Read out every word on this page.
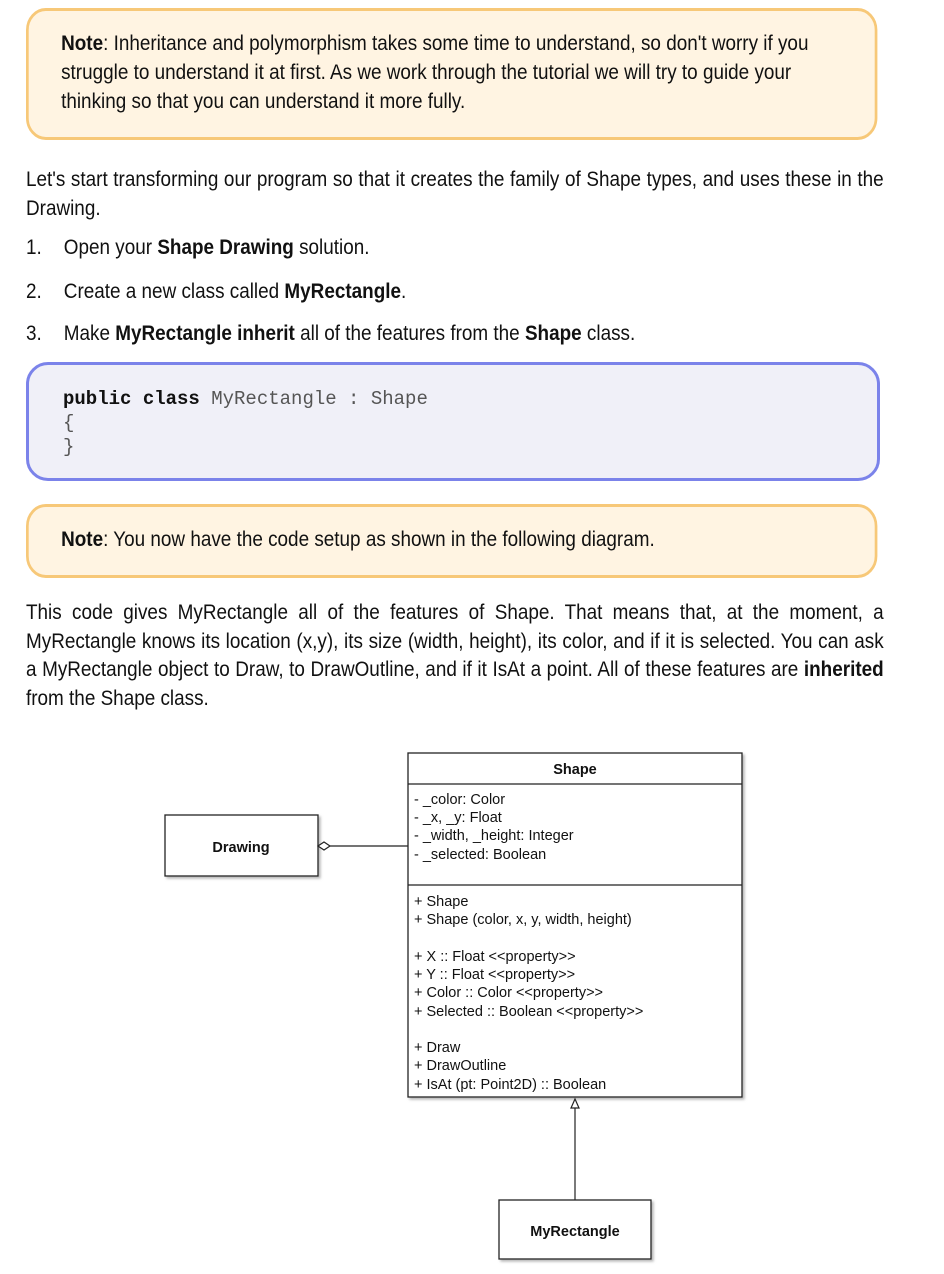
Note: Inheritance and polymorphism takes some time to understand, so don't worry if you struggle to understand it at first. As we work through the tutorial we will try to guide your thinking so that you can understand it more fully.
Let's start transforming our program so that it creates the family of Shape types, and uses these in the Drawing.
1. Open your Shape Drawing solution.
2. Create a new class called MyRectangle.
3. Make MyRectangle inherit all of the features from the Shape class.
public class MyRectangle : Shape
{
}
Note: You now have the code setup as shown in the following diagram.
This code gives MyRectangle all of the features of Shape. That means that, at the moment, a MyRectangle knows its location (x,y), its size (width, height), its color, and if it is selected. You can ask a MyRectangle object to Draw, to DrawOutline, and if it IsAt a point. All of these features are inherited from the Shape class.
Drawing
Shape
- _color: Color
- _x, _y: Float
- _width, _height: Integer
- _selected: Boolean
+ Shape
+ Shape (color, x, y, width, height)
+ X :: Float <<property>>
+ Y :: Float <<property>>
+ Color :: Color <<property>>
+ Selected :: Boolean <<property>>
+ Draw
+ DrawOutline
+ IsAt (pt: Point2D) :: Boolean
MyRectangle
